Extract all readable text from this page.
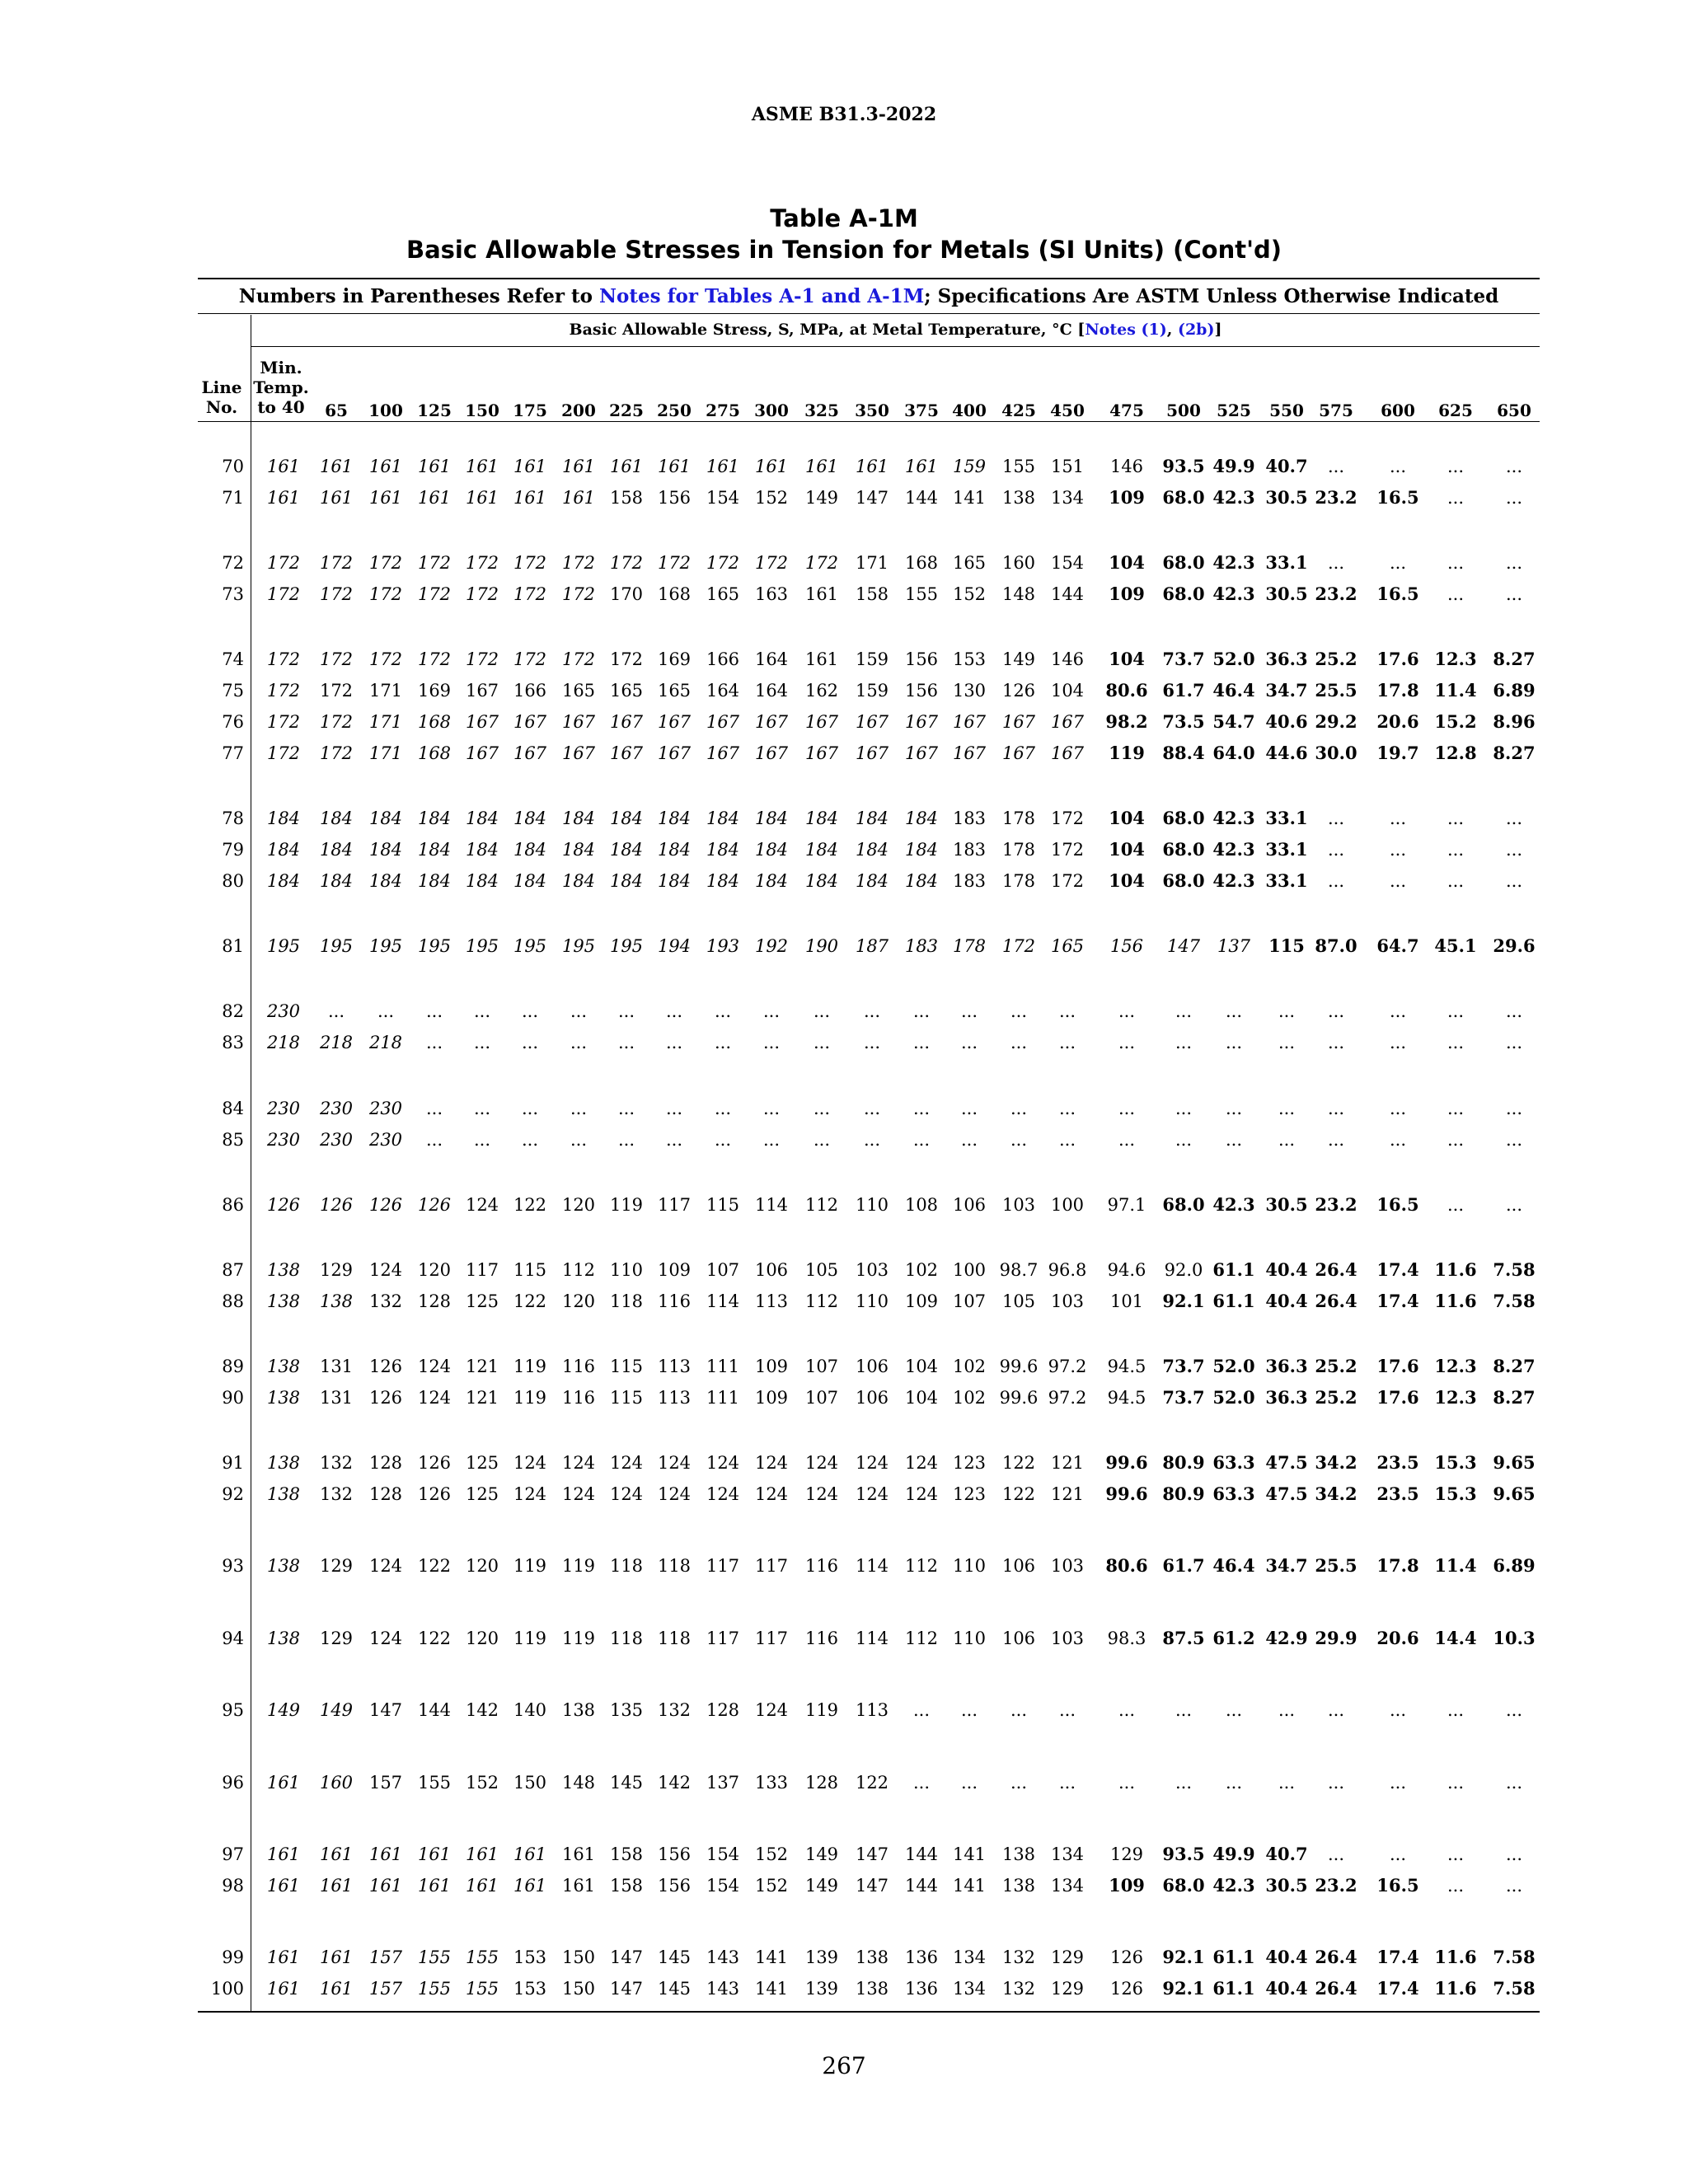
ASME B31.3-2022
Table A-1M
Basic Allowable Stresses in Tension for Metals (SI Units) (Cont'd)
Numbers in Parentheses Refer to Notes for Tables A-1 and A-1M; Specifications Are ASTM Unless Otherwise Indicated
Basic Allowable Stress, S, MPa, at Metal Temperature, °C [Notes (1), (2b)]
Line No.
Min. Temp. to 40	65	100 125 150 175 200 225 250 275 300 325 350 375 400 425 450	475	500 525	550 575	600	625	650
70	161	161 161 161 161 161 161 161 161 161 161 161 161 161 159 155 151	146	93.5 49.9 40.7	...	...	...	...
71	161	161 161 161 161 161 161 158 156 154 152 149 147 144 141 138 134	109	68.0 42.3 30.5 23.2	16.5	...	...
72	172	172 172 172 172 172 172 172 172 172 172 172 171 168 165 160 154	104	68.0 42.3 33.1	...	...	...	...
73	172	172 172 172 172 172 172 170 168 165 163 161 158 155 152 148 144	109	68.0 42.3 30.5 23.2	16.5	...	...
74	172	172 172 172 172 172 172 172 169 166 164 161 159 156 153 149 146	104	73.7 52.0 36.3 25.2	17.6 12.3 8.27
75	172	172 171 169 167 166 165 165 165 164 164 162 159 156 130 126 104	80.6 61.7 46.4 34.7 25.5	17.8 11.4 6.89
76	172	172 171 168 167 167 167 167 167 167 167 167 167 167 167 167 167	98.2 73.5 54.7 40.6 29.2	20.6 15.2 8.96
77	172	172 171 168 167 167 167 167 167 167 167 167 167 167 167 167 167	119	88.4 64.0 44.6 30.0	19.7 12.8 8.27
78	184	184 184 184 184 184 184 184 184 184 184 184 184 184 183 178 172	104	68.0 42.3 33.1	...	...	...	...
79	184	184 184 184 184 184 184 184 184 184 184 184 184 184 183 178 172	104	68.0 42.3 33.1	...	...	...	...
80	184	184 184 184 184 184 184 184 184 184 184 184 184 184 183 178 172	104	68.0 42.3 33.1	...	...	...	...
81	195	195 195 195 195 195 195 195 194 193 192 190 187 183 178 172 165	156	147 137	115 87.0	64.7 45.1 29.6
82	230	...	...	...	...	...	...	...	...	...	...	...	...	...	...	...	...	...	...	...	...	...	...	...	...
83	218	218 218	...	...	...	...	...	...	...	...	...	...	...	...	...	...	...	...	...	...	...	...	...	...
84	230	230 230	...	...	...	...	...	...	...	...	...	...	...	...	...	...	...	...	...	...	...	...	...	...
85	230	230 230	...	...	...	...	...	...	...	...	...	...	...	...	...	...	...	...	...	...	...	...	...	...
86	126	126 126 126 124 122 120 119 117 115 114 112 110 108 106 103 100	97.1 68.0 42.3 30.5 23.2	16.5	...	...
87	138	129 124 120 117 115 112 110 109 107 106 105 103 102 100 98.7 96.8	94.6	92.0 61.1 40.4 26.4	17.4 11.6 7.58
88	138	138 132 128 125 122 120 118 116 114 113 112 110 109 107 105 103	101	92.1 61.1 40.4 26.4	17.4 11.6 7.58
89	138	131 126 124 121 119 116 115 113 111 109 107 106 104 102 99.6 97.2	94.5 73.7 52.0 36.3 25.2	17.6 12.3 8.27
90	138	131 126 124 121 119 116 115 113 111 109 107 106 104 102 99.6 97.2	94.5 73.7 52.0 36.3 25.2	17.6 12.3 8.27
91	138	132 128 126 125 124 124 124 124 124 124 124 124 124 123 122 121	99.6 80.9 63.3 47.5 34.2	23.5 15.3 9.65
92	138	132 128 126 125 124 124 124 124 124 124 124 124 124 123 122 121	99.6 80.9 63.3 47.5 34.2	23.5 15.3 9.65
93	138	129 124 122 120 119 119 118 118 117 117 116 114 112 110 106 103	80.6 61.7 46.4 34.7 25.5	17.8 11.4 6.89
94	138	129 124 122 120 119 119 118 118 117 117 116 114 112 110 106 103	98.3 87.5 61.2 42.9 29.9	20.6 14.4 10.3
95	149	149 147 144 142 140 138 135 132 128 124 119 113	...	...	...	...	...	...	...	...	...	...	...	...
96	161	160 157 155 152 150 148 145 142 137 133 128 122	...	...	...	...	...	...	...	...	...	...	...	...
97	161	161 161 161 161 161 161 158 156 154 152 149 147 144 141 138 134	129	93.5 49.9 40.7	...	...	...	...
98	161	161 161 161 161 161 161 158 156 154 152 149 147 144 141 138 134	109	68.0 42.3 30.5 23.2	16.5	...	...
99	161	161 157 155 155 153 150 147 145 143 141 139 138 136 134 132 129	126	92.1 61.1 40.4 26.4	17.4 11.6 7.58
100	161	161 157 155 155 153 150 147 145 143 141 139 138 136 134 132 129	126	92.1 61.1 40.4 26.4	17.4 11.6 7.58
267
